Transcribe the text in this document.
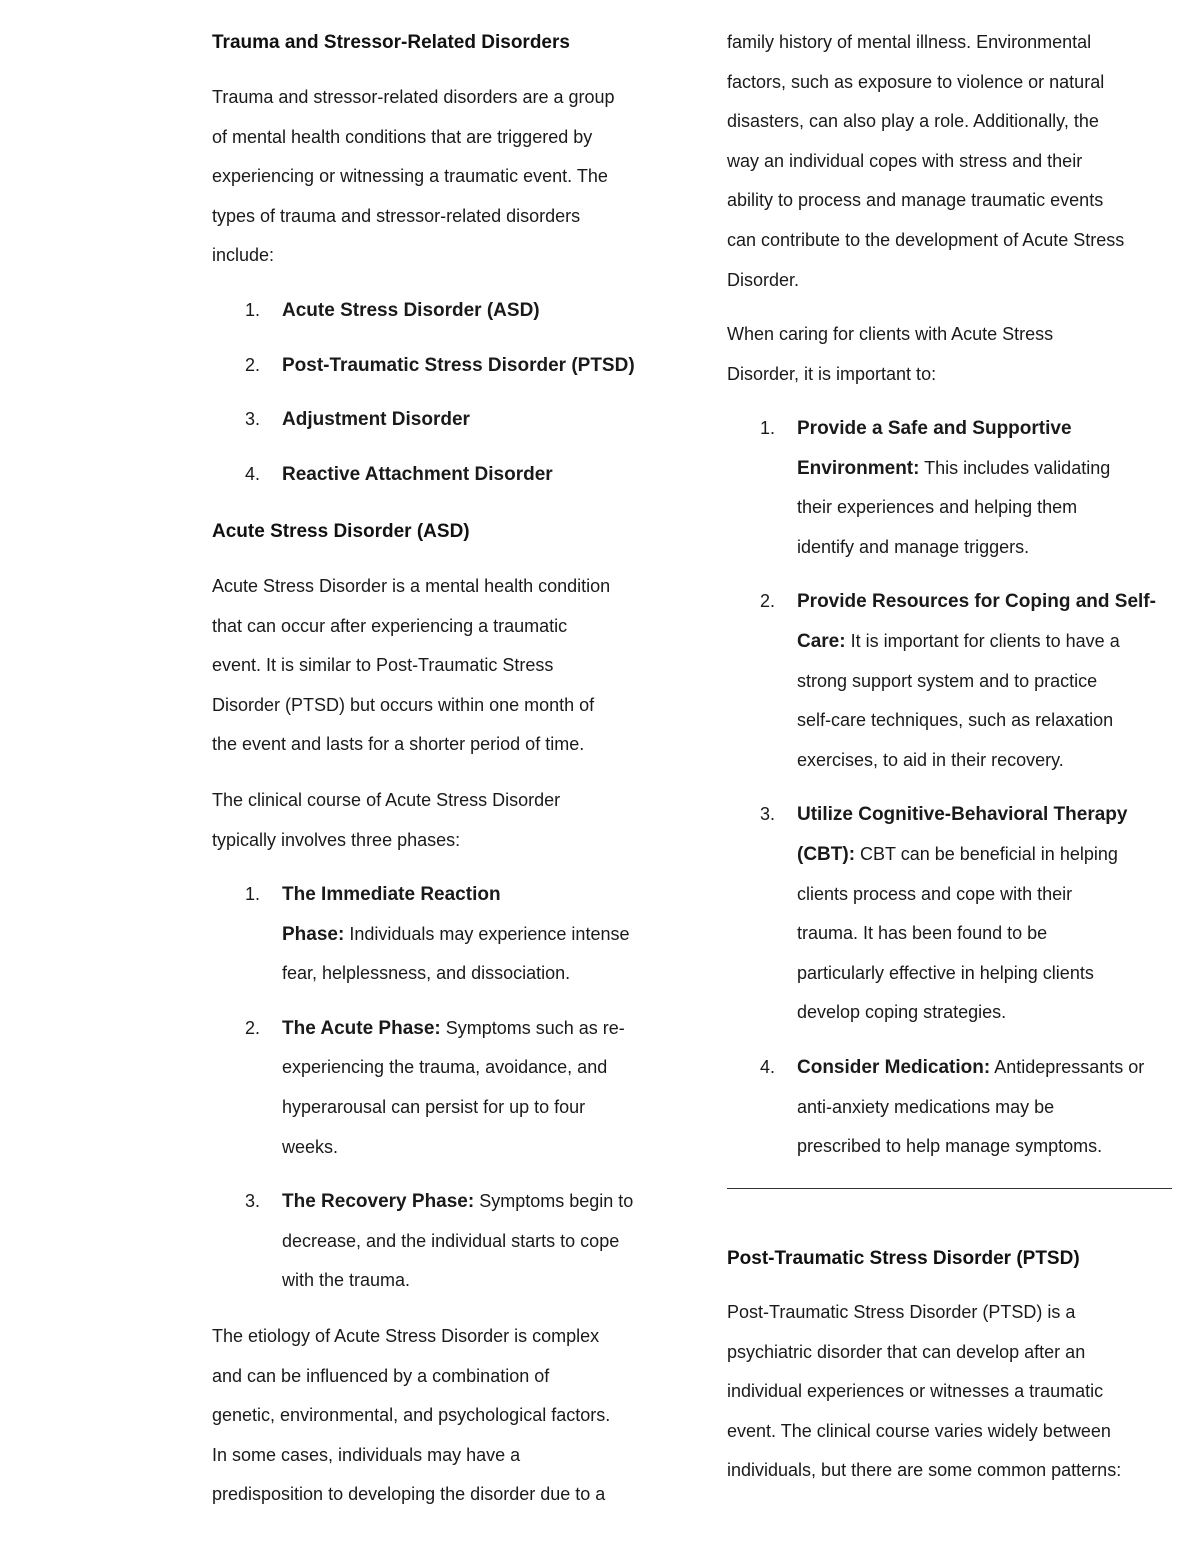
Trauma and Stressor-Related Disorders

Trauma and stressor-related disorders are a group

of mental health conditions that are triggered by

experiencing or witnessing a traumatic event. The

types of trauma and stressor-related disorders

include:

1. Acute Stress Disorder (ASD)
2. Post-Traumatic Stress Disorder (PTSD)
3. Adjustment Disorder
4. Reactive Attachment Disorder
Acute Stress Disorder (ASD)

Acute Stress Disorder is a mental health condition

that can occur after experiencing a traumatic

event. It is similar to Post-Traumatic Stress

Disorder (PTSD) but occurs within one month of

the event and lasts for a shorter period of time.

The clinical course of Acute Stress Disorder

typically involves three phases:

1. The Immediate Reaction
Phase: Individuals may experience intense
fear, helplessness, and dissociation.
2. The Acute Phase: Symptoms such as re-
experiencing the trauma, avoidance, and
hyperarousal can persist for up to four
weeks.
3. The Recovery Phase: Symptoms begin to
decrease, and the individual starts to cope
with the trauma.

The etiology of Acute Stress Disorder is complex

and can be influenced by a combination of

genetic, environmental, and psychological factors.

In some cases, individuals may have a

predisposition to developing the disorder due to a

family history of mental illness. Environmental

factors, such as exposure to violence or natural

disasters, can also play a role. Additionally, the

way an individual copes with stress and their

ability to process and manage traumatic events

can contribute to the development of Acute Stress

Disorder.

When caring for clients with Acute Stress

Disorder, it is important to:

1. Provide a Safe and Supportive
Environment: This includes validating
their experiences and helping them
identify and manage triggers.
2. Provide Resources for Coping and Self-
Care: It is important for clients to have a
strong support system and to practice
self-care techniques, such as relaxation
exercises, to aid in their recovery.
3. Utilize Cognitive-Behavioral Therapy
(CBT): CBT can be beneficial in helping
clients process and cope with their
trauma. It has been found to be
particularly effective in helping clients
develop coping strategies.
4. Consider Medication: Antidepressants or
anti-anxiety medications may be
prescribed to help manage symptoms.
Post-Traumatic Stress Disorder (PTSD)

Post-Traumatic Stress Disorder (PTSD) is a

psychiatric disorder that can develop after an

individual experiences or witnesses a traumatic

event. The clinical course varies widely between

individuals, but there are some common patterns:
